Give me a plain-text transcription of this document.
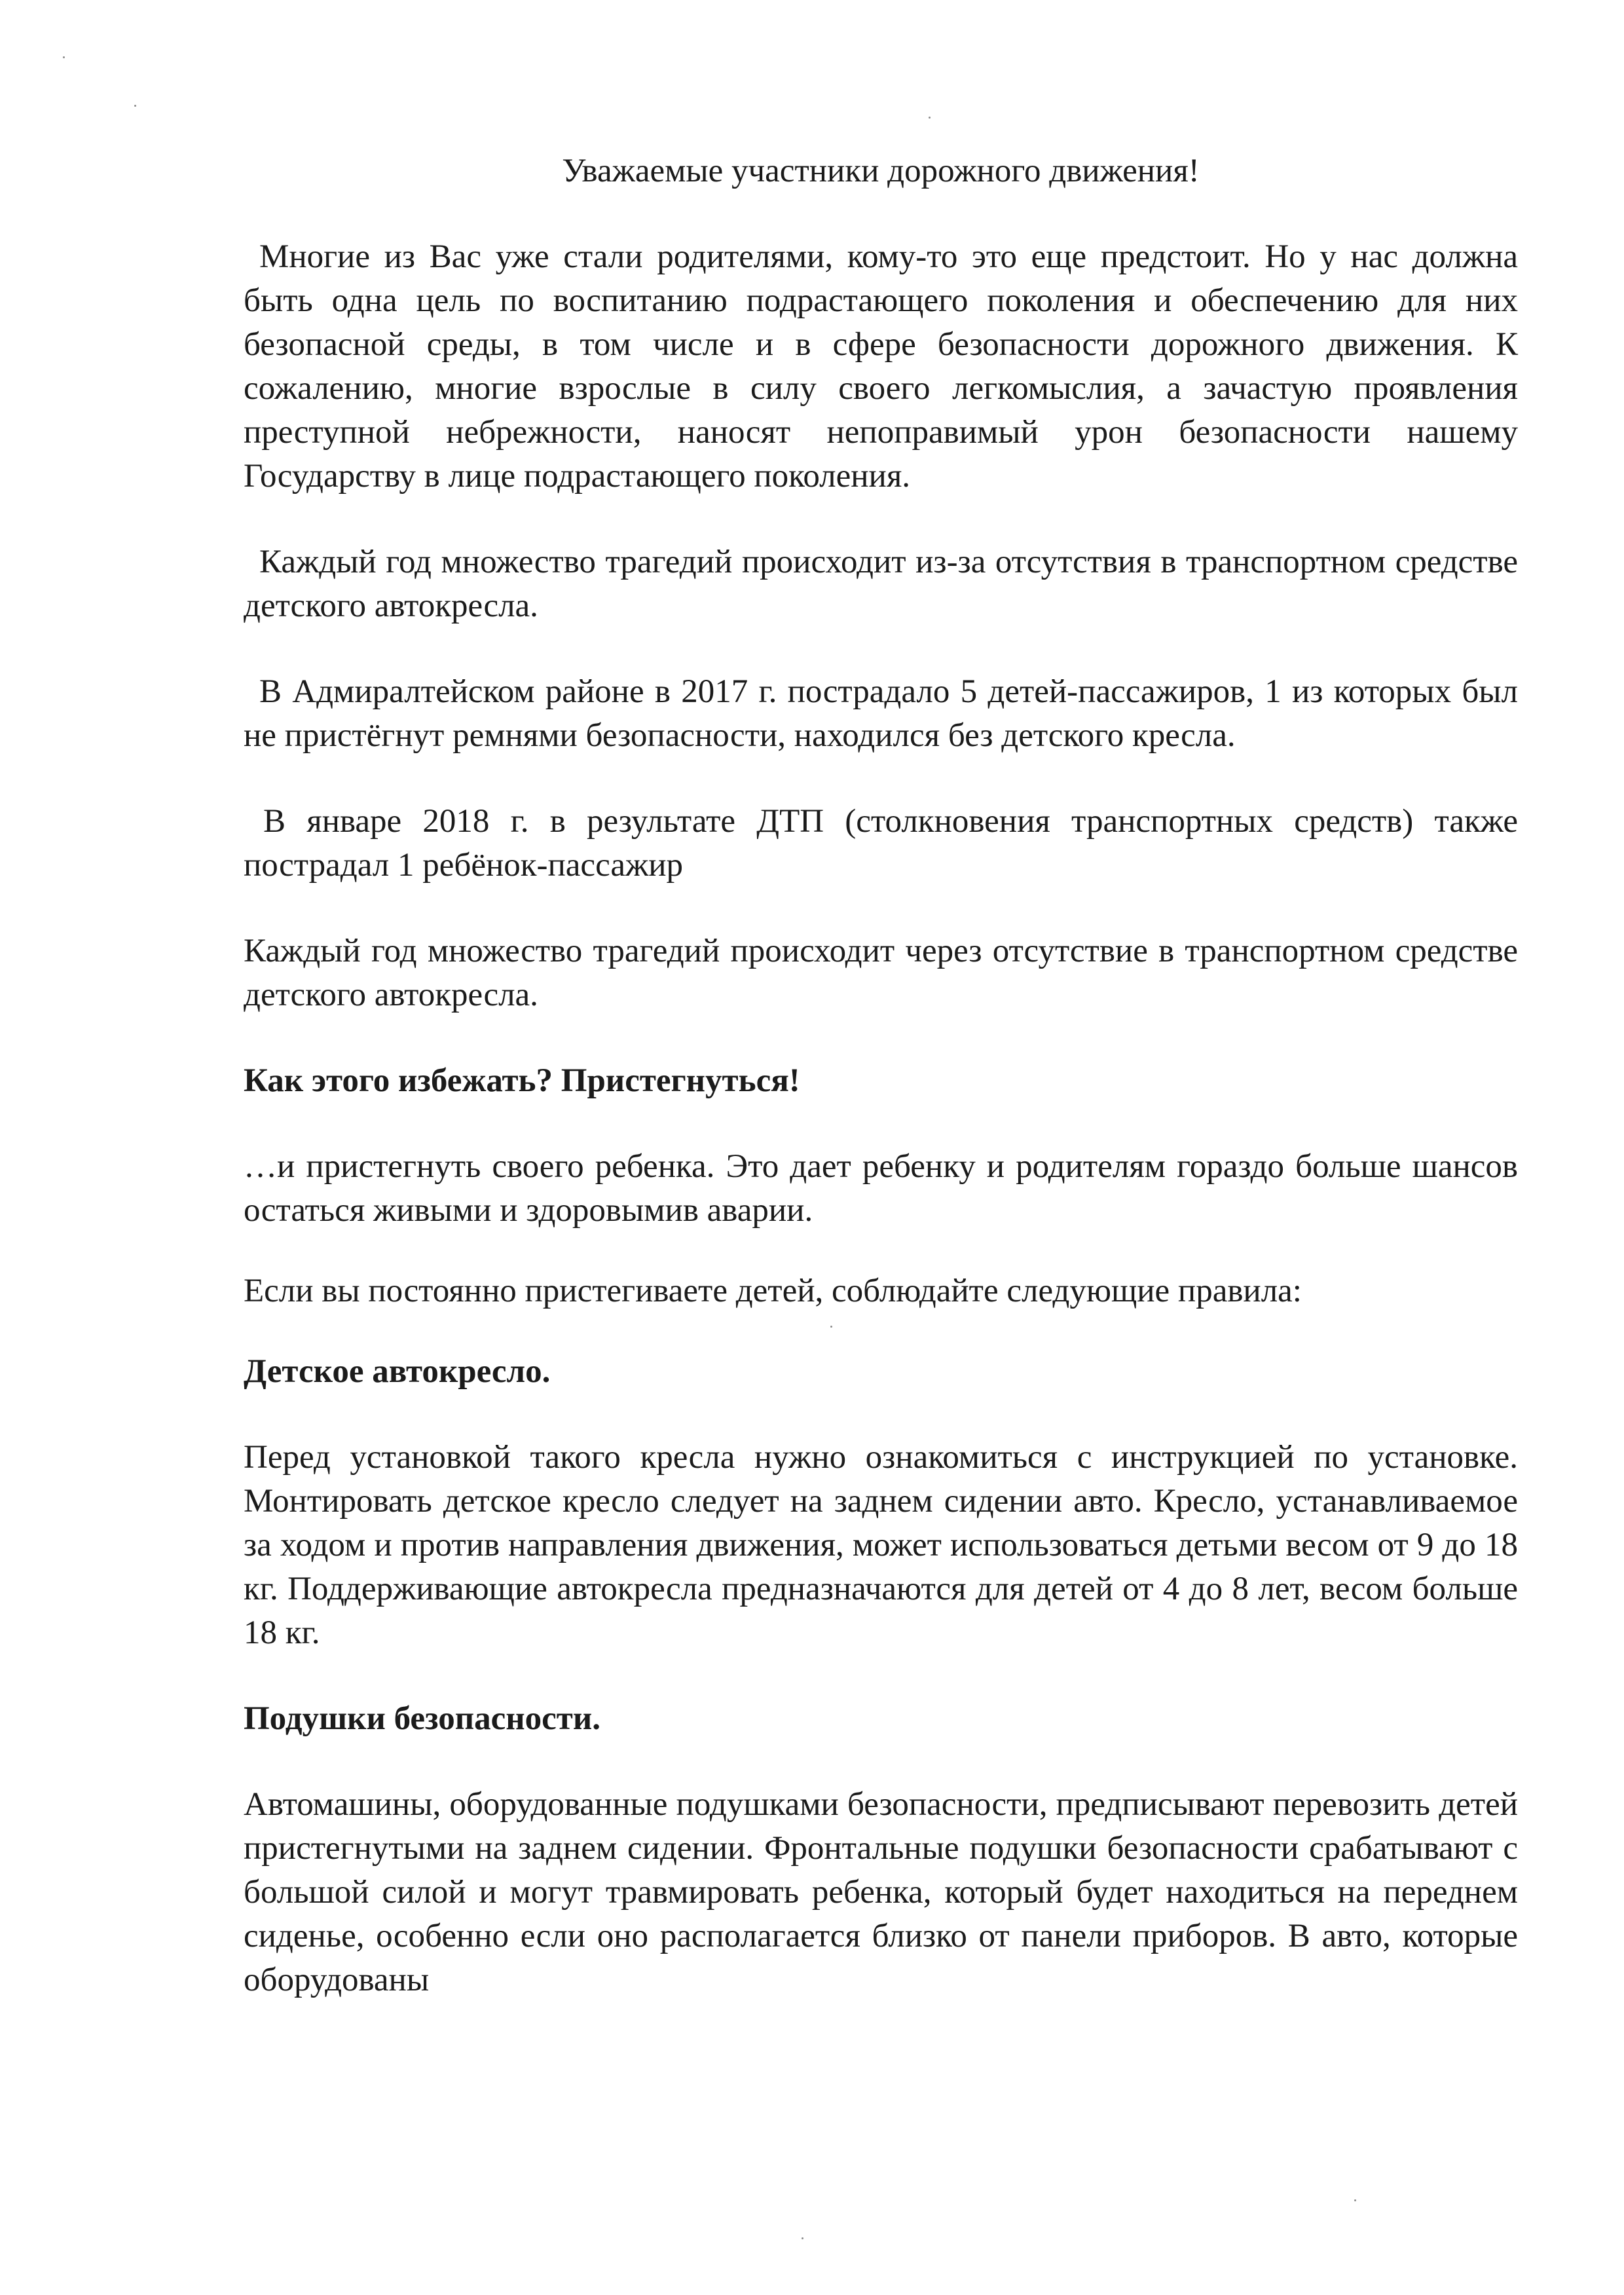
Уважаемые участники дорожного движения!

Многие из Вас уже стали родителями, кому-то это еще предстоит. Но у нас должна быть одна цель по воспитанию подрастающего поколения и обеспечению для них безопасной среды, в том числе и в сфере безопасности дорожного движения. К сожалению, многие взрослые в силу своего легкомыслия, а зачастую проявления преступной небрежности, наносят непоправимый урон безопасности нашему Государству в лице подрастающего поколения.

Каждый год множество трагедий происходит из-за отсутствия в транспортном средстве детского автокресла.

В Адмиралтейском районе в 2017 г. пострадало 5 детей-пассажиров, 1 из которых был не пристёгнут ремнями безопасности, находился без детского кресла.

В январе 2018 г. в результате ДТП (столкновения транспортных средств) также пострадал 1 ребёнок-пассажир

Каждый год множество трагедий происходит через отсутствие в транспортном средстве детского автокресла.

Как этого избежать? Пристегнуться!

…и пристегнуть своего ребенка. Это дает ребенку и родителям гораздо больше шансов остаться живыми и здоровымив аварии.

Если вы постоянно пристегиваете детей, соблюдайте следующие правила:

Детское автокресло.

Перед установкой такого кресла нужно ознакомиться с инструкцией по установке. Монтировать детское кресло следует на заднем сидении авто. Кресло, устанавливаемое за ходом и против направления движения, может использоваться детьми весом от 9 до 18 кг. Поддерживающие автокресла предназначаются для детей от 4 до 8 лет, весом больше 18 кг.

Подушки безопасности.

Автомашины, оборудованные подушками безопасности, предписывают перевозить детей пристегнутыми на заднем сидении. Фронтальные подушки безопасности срабатывают с большой силой и могут травмировать ребенка, который будет находиться на переднем сиденье, особенно если оно располагается близко от панели приборов. В авто, которые оборудованы
